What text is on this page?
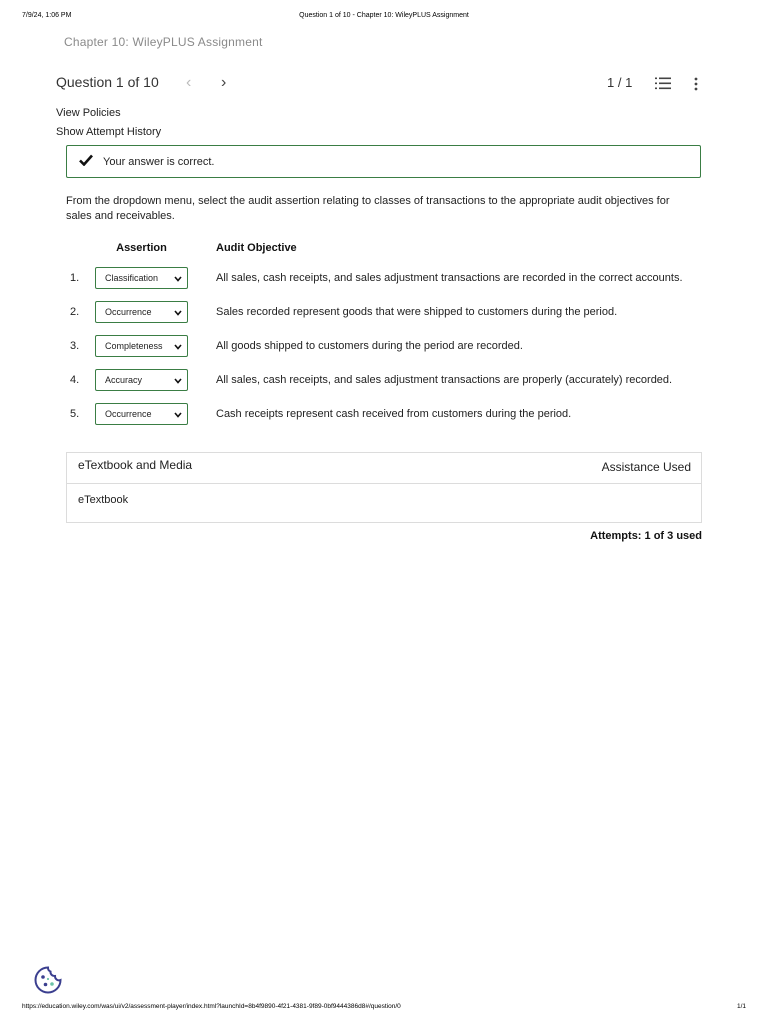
7/9/24, 1:06 PM	Question 1 of 10 - Chapter 10: WileyPLUS Assignment
Chapter 10: WileyPLUS Assignment
Question 1 of 10 ‹ ›	1 / 1
View Policies
Show Attempt History
Your answer is correct.
From the dropdown menu, select the audit assertion relating to classes of transactions to the appropriate audit objectives for sales and receivables.
Assertion	Audit Objective
1.	Classification	All sales, cash receipts, and sales adjustment transactions are recorded in the correct accounts.
2.	Occurrence	Sales recorded represent goods that were shipped to customers during the period.
3.	Completeness	All goods shipped to customers during the period are recorded.
4.	Accuracy	All sales, cash receipts, and sales adjustment transactions are properly (accurately) recorded.
5.	Occurrence	Cash receipts represent cash received from customers during the period.
eTextbook and Media	Assistance Used
eTextbook
Attempts: 1 of 3 used
https://education.wiley.com/was/ui/v2/assessment-player/index.html?launchId=8b4f9890-4f21-4381-9f89-0bf9444386d8#/question/0	1/1
